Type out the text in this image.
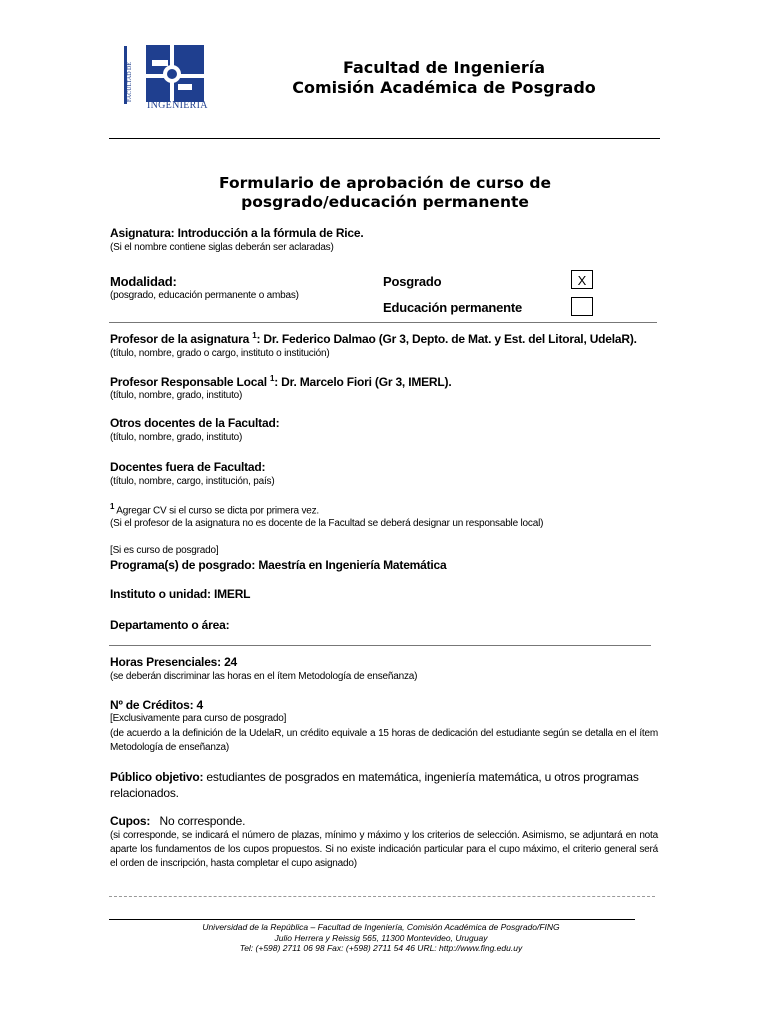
FACULTAD DE
INGENIERIA
Facultad de Ingeniería
Comisión Académica de Posgrado
Formulario de aprobación de curso de
posgrado/educación permanente
Asignatura: Introducción a la fórmula de Rice.
(Si el nombre contiene siglas deberán ser aclaradas)
Modalidad:
(posgrado, educación permanente o ambas)
Posgrado	X
Educación permanente
Profesor de la asignatura $^1$: Dr. Federico Dalmao (Gr 3, Depto. de Mat. y Est. del Litoral, UdelaR).
(título, nombre, grado o cargo, instituto o institución)
Profesor Responsable Local $^1$: Dr. Marcelo Fiori (Gr 3, IMERL).
(título, nombre, grado, instituto)
Otros docentes de la Facultad:
(título, nombre, grado, instituto)
Docentes fuera de Facultad:
(título, nombre, cargo, institución, país)
$^1$ Agregar CV si el curso se dicta por primera vez.
(Si el profesor de la asignatura no es docente de la Facultad se deberá designar un responsable local)
[Si es curso de posgrado]
Programa(s) de posgrado: Maestría en Ingeniería Matemática
Instituto o unidad: IMERL
Departamento o área:
Horas Presenciales: 24
(se deberán discriminar las horas en el ítem Metodología de enseñanza)
Nº de Créditos: 4
[Exclusivamente para curso de posgrado]
(de acuerdo a la definición de la UdelaR, un crédito equivale a 15 horas de dedicación del estudiante según se detalla en el ítem Metodología de enseñanza)
Público objetivo: estudiantes de posgrados en matemática, ingeniería matemática, u otros programas relacionados.
Cupos: No corresponde.
(si corresponde, se indicará el número de plazas, mínimo y máximo y los criterios de selección. Asimismo, se adjuntará en nota aparte los fundamentos de los cupos propuestos. Si no existe indicación particular para el cupo máximo, el criterio general será el orden de inscripción, hasta completar el cupo asignado)
Universidad de la República – Facultad de Ingeniería, Comisión Académica de Posgrado/FING
Julio Herrera y Reissig 565, 11300 Montevideo, Uruguay
Tel: (+598) 2711 06 98 Fax: (+598) 2711 54 46 URL: http://www.fing.edu.uy
